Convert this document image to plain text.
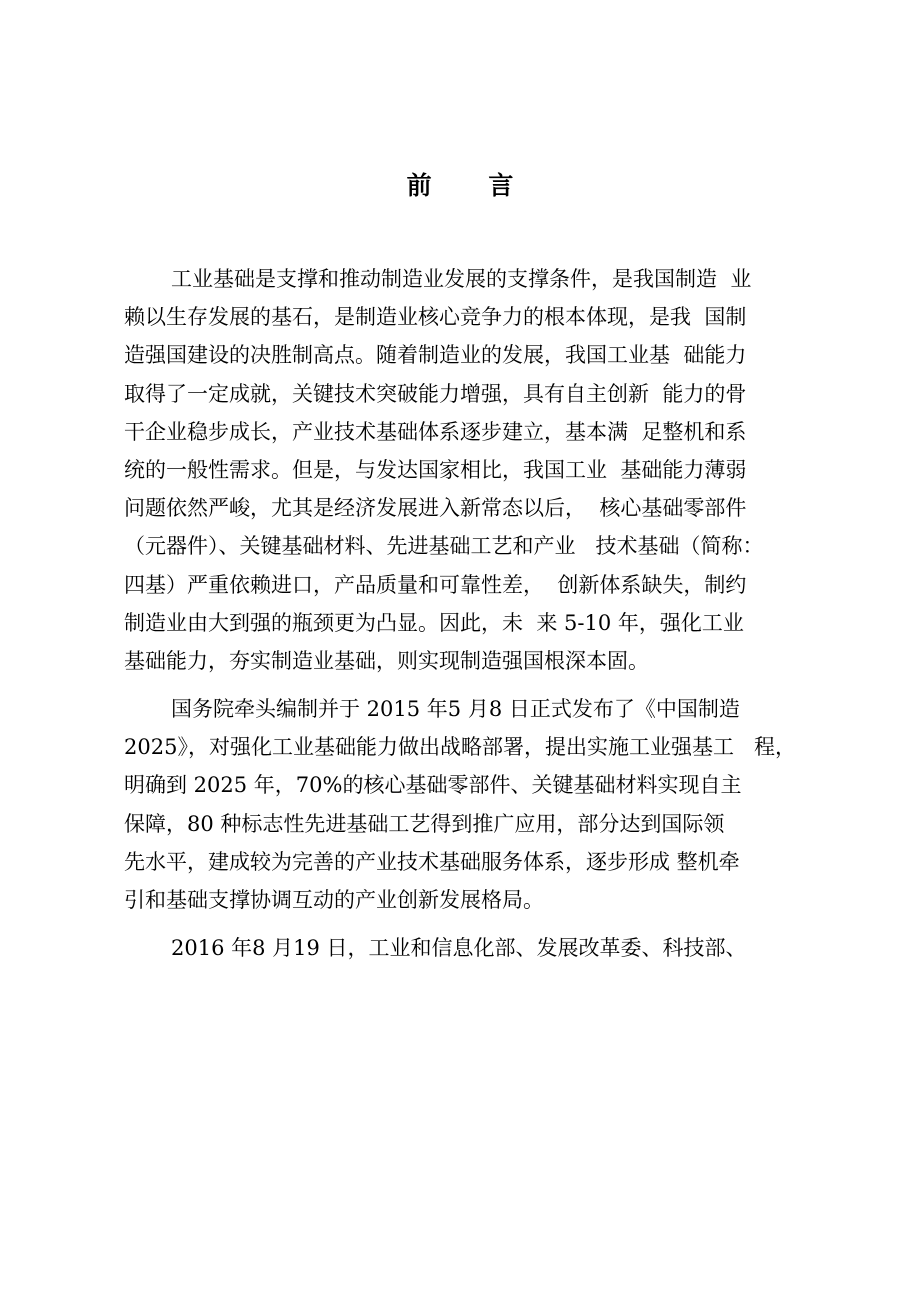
前 言
工业基础是支撑和推动制造业发展的支撑条件，是我国制造  业
赖以生存发展的基石，是制造业核心竞争力的根本体现，是我  国制
造强国建设的决胜制高点。随着制造业的发展，我国工业基  础能力
取得了一定成就，关键技术突破能力增强，具有自主创新  能力的骨
干企业稳步成长，产业技术基础体系逐步建立，基本满  足整机和系
统的一般性需求。但是，与发达国家相比，我国工业  基础能力薄弱
问题依然严峻，尤其是经济发展进入新常态以后，  核心基础零部件
（元器件）、关键基础材料、先进基础工艺和产业   技术基础（简称：
四基）严重依赖进口，产品质量和可靠性差，  创新体系缺失，制约
制造业由大到强的瓶颈更为凸显。因此，未  来 5-10 年，强化工业
基础能力，夯实制造业基础，则实现制造强国根深本固。
国务院牵头编制并于 2015 年5 月8 日正式发布了《中国制造
2025》，对强化工业基础能力做出战略部署，提出实施工业强基工   程，
明确到 2025 年，70%的核心基础零部件、关键基础材料实现自主
保障，80 种标志性先进基础工艺得到推广应用，部分达到国际领
先水平，建成较为完善的产业技术基础服务体系，逐步形成 整机牵
引和基础支撑协调互动的产业创新发展格局。
2016 年8 月19 日，工业和信息化部、发展改革委、科技部、
